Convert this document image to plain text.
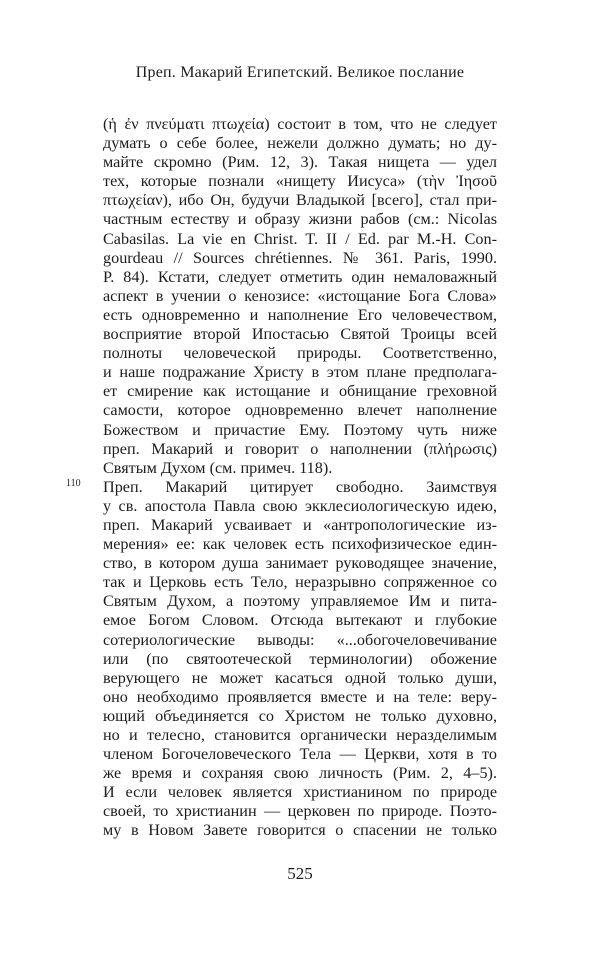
Преп. Макарий Египетский. Великое послание
(ἡ ἐν πνεύματι πτωχεία) состоит в том, что не следует
думать о себе более, нежели должно думать; но ду-
майте скромно (Рим. 12, 3). Такая нищета — удел
тех, которые познали «нищету Иисуса» (τὴν Ἰησοῦ
πτωχείαν), ибо Он, будучи Владыкой [всего], стал при-
частным естеству и образу жизни рабов (см.: Nicolas
Cabasilas. La vie en Christ. T. II / Ed. par M.-H. Con-
gourdeau // Sources chrétiennes. № 361. Paris, 1990.
P. 84). Кстати, следует отметить один немаловажный
аспект в учении о кенозисе: «истощание Бога Слова»
есть одновременно и наполнение Его человечеством,
восприятие второй Ипостасью Святой Троицы всей
полноты человеческой природы. Соответственно,
и наше подражание Христу в этом плане предполага-
ет смирение как истощание и обнищание греховной
самости, которое одновременно влечет наполнение
Божеством и причастие Ему. Поэтому чуть ниже
преп. Макарий и говорит о наполнении (πλήρωσις)
Святым Духом (см. примеч. 118).
Преп. Макарий цитирует свободно. Заимствуя
у св. апостола Павла свою экклесиологическую идею,
преп. Макарий усваивает и «антропологические из-
мерения» ее: как человек есть психофизическое един-
ство, в котором душа занимает руководящее значение,
так и Церковь есть Тело, неразрывно сопряженное со
Святым Духом, а поэтому управляемое Им и пита-
емое Богом Словом. Отсюда вытекают и глубокие
сотериологические выводы: «...обогочеловечивание
или (по святоотеческой терминологии) обожение
верующего не может касаться одной только души,
оно необходимо проявляется вместе и на теле: веру-
ющий объединяется со Христом не только духовно,
но и телесно, становится органически неразделимым
членом Богочеловеческого Тела — Церкви, хотя в то
же время и сохраняя свою личность (Рим. 2, 4–5).
И если человек является христианином по природе
своей, то христианин — церковен по природе. Поэто-
му в Новом Завете говорится о спасении не только
110
525
